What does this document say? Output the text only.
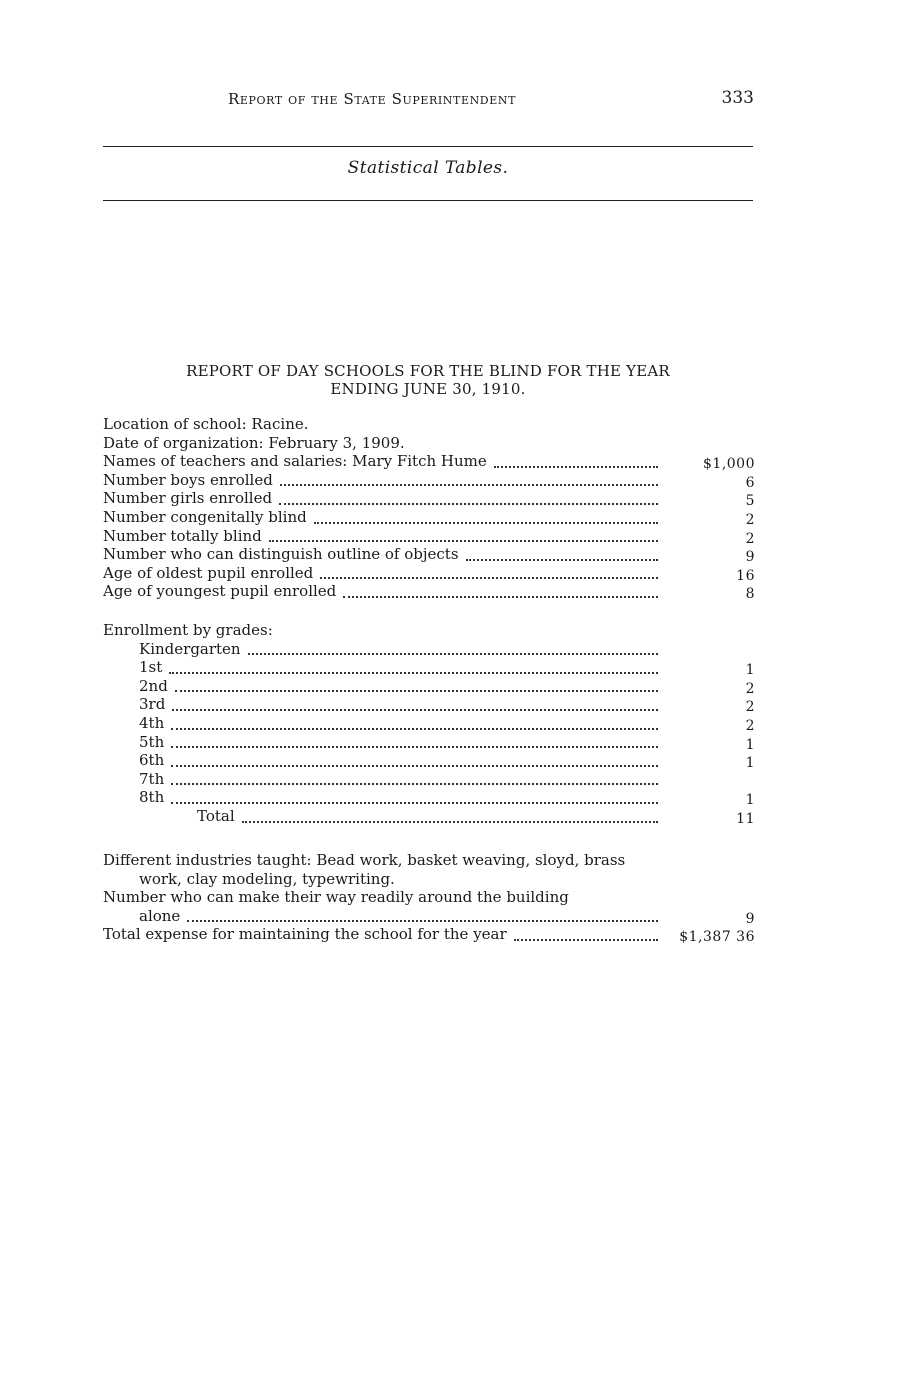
Report of the State Superintendent	333
Statistical Tables.
REPORT OF DAY SCHOOLS FOR THE BLIND FOR THE YEAR
ENDING JUNE 30, 1910.
Location of school: Racine.
Date of organization: February 3, 1909.
Names of teachers and salaries: Mary Fitch Hume	$1,000
Number boys enrolled	6
Number girls enrolled	5
Number congenitally blind	2
Number totally blind	2
Number who can distinguish outline of objects	9
Age of oldest pupil enrolled	16
Age of youngest pupil enrolled	8
Enrollment by grades:
Kindergarten
1st	1
2nd	2
3rd	2
4th	2
5th	1
6th	1
7th
8th	1
Total	11
Different industries taught: Bead work, basket weaving, sloyd, brass
work, clay modeling, typewriting.
Number who can make their way readily around the building
alone	9
Total expense for maintaining the school for the year	$1,387 36
